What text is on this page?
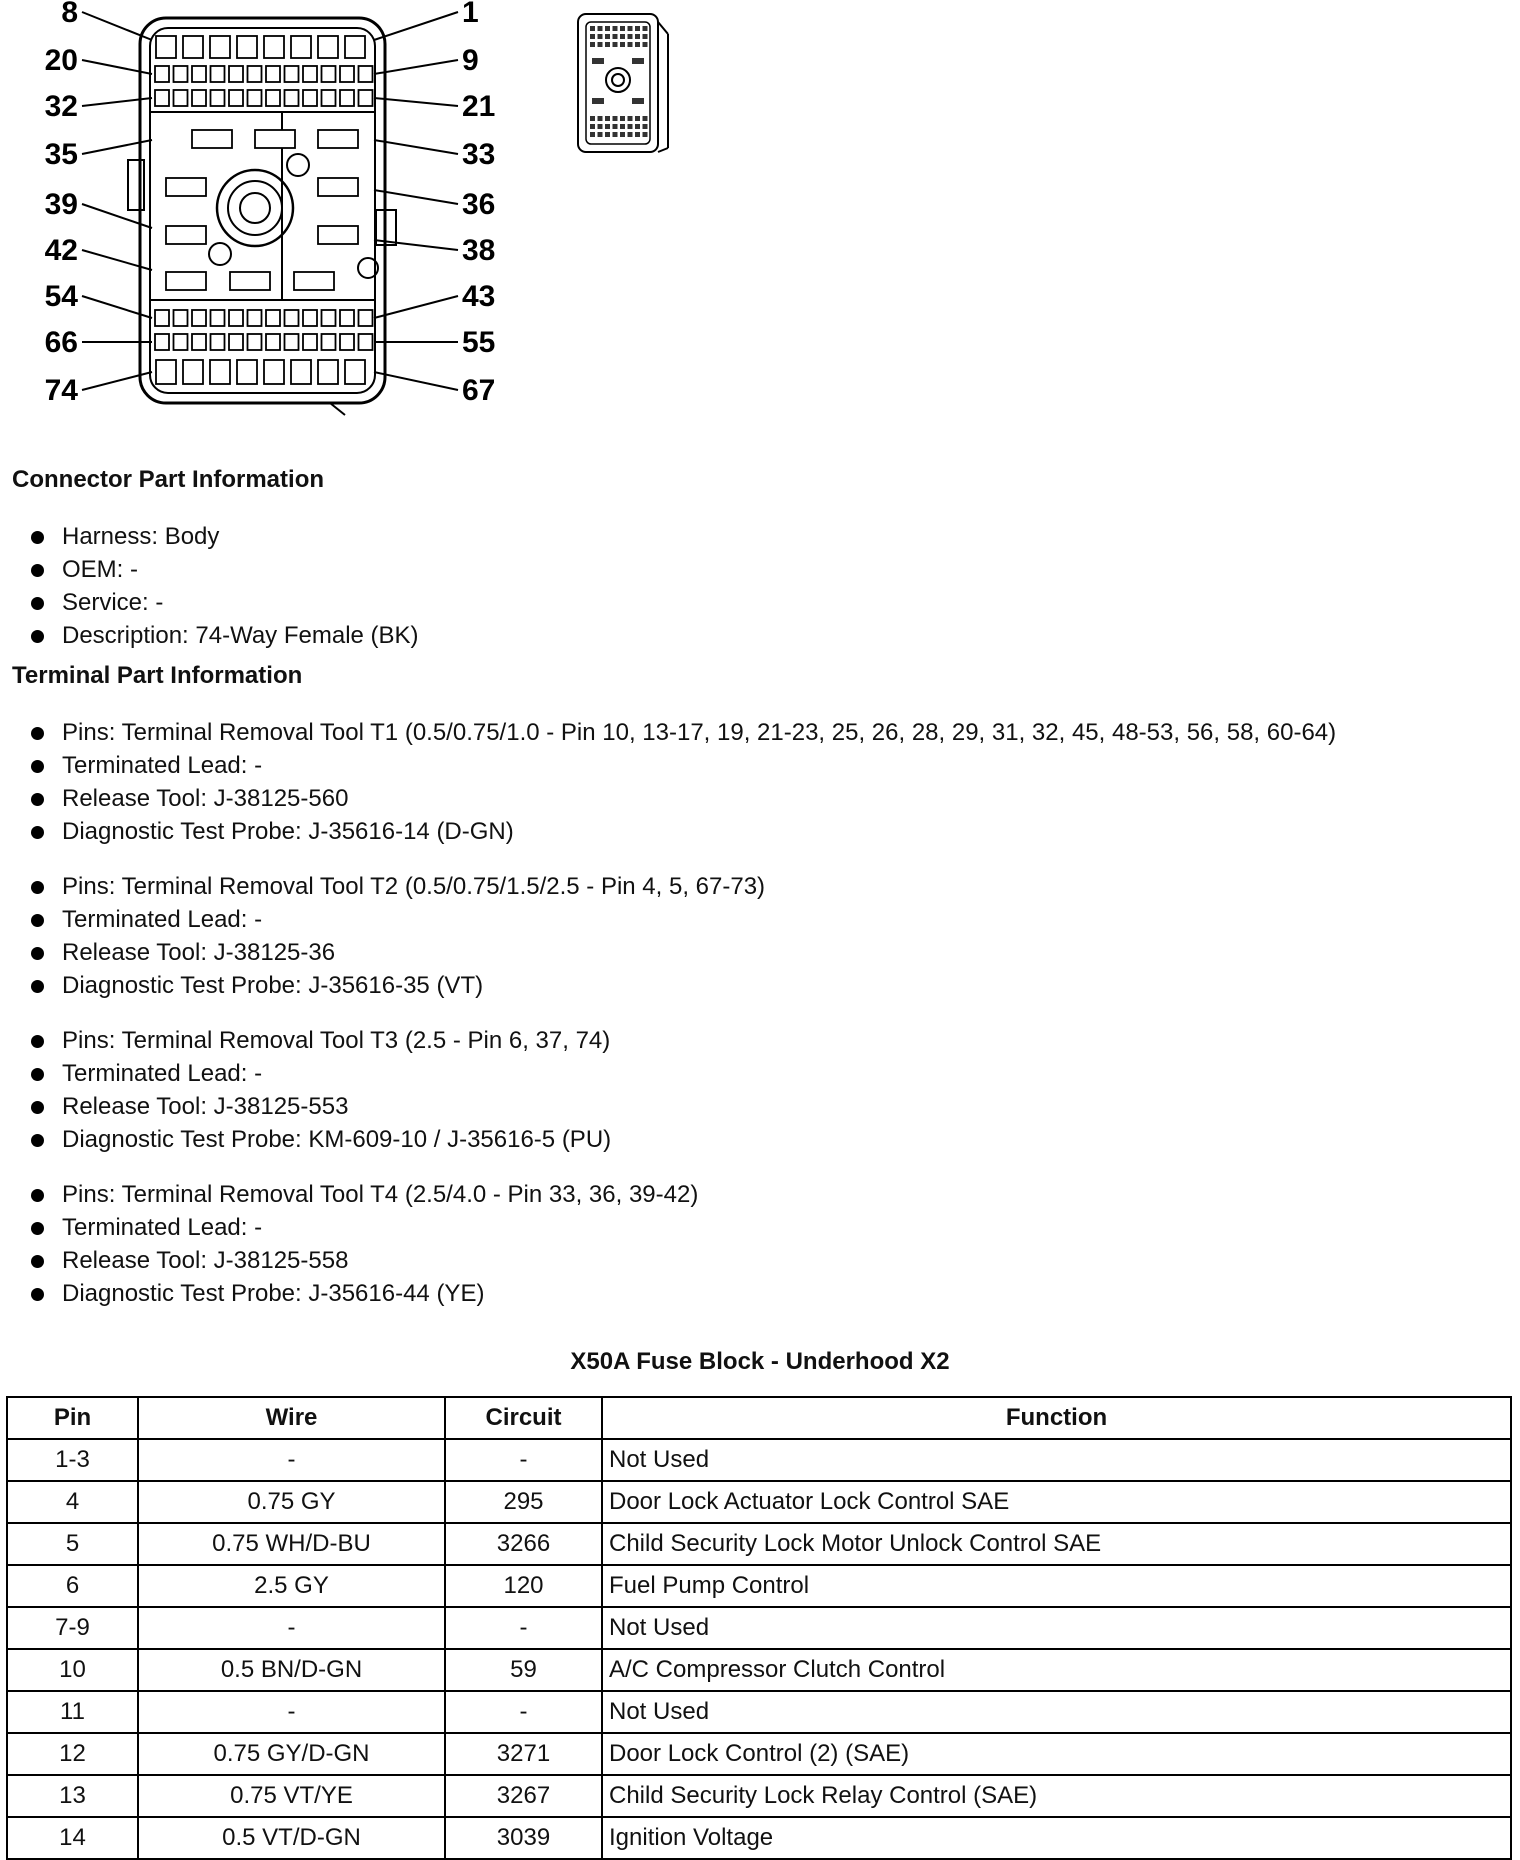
8
20
32
35
39
42
54
66
74
1
9
21
33
36
38
43
55
67
Connector Part Information
Harness: Body
OEM: -
Service: -
Description: 74-Way Female (BK)
Terminal Part Information
Pins: Terminal Removal Tool T1 (0.5/0.75/1.0 - Pin 10, 13-17, 19, 21-23, 25, 26, 28, 29, 31, 32, 45, 48-53, 56, 58, 60-64)
Terminated Lead: -
Release Tool: J-38125-560
Diagnostic Test Probe: J-35616-14 (D-GN)
Pins: Terminal Removal Tool T2 (0.5/0.75/1.5/2.5 - Pin 4, 5, 67-73)
Terminated Lead: -
Release Tool: J-38125-36
Diagnostic Test Probe: J-35616-35 (VT)
Pins: Terminal Removal Tool T3 (2.5 - Pin 6, 37, 74)
Terminated Lead: -
Release Tool: J-38125-553
Diagnostic Test Probe: KM-609-10 / J-35616-5 (PU)
Pins: Terminal Removal Tool T4 (2.5/4.0 - Pin 33, 36, 39-42)
Terminated Lead: -
Release Tool: J-38125-558
Diagnostic Test Probe: J-35616-44 (YE)
X50A Fuse Block - Underhood X2
Pin	Wire	Circuit	Function
1-3	-	-	Not Used
4	0.75 GY	295	Door Lock Actuator Lock Control SAE
5	0.75 WH/D-BU	3266	Child Security Lock Motor Unlock Control SAE
6	2.5 GY	120	Fuel Pump Control
7-9	-	-	Not Used
10	0.5 BN/D-GN	59	A/C Compressor Clutch Control
11	-	-	Not Used
12	0.75 GY/D-GN	3271	Door Lock Control (2) (SAE)
13	0.75 VT/YE	3267	Child Security Lock Relay Control (SAE)
14	0.5 VT/D-GN	3039	Ignition Voltage
